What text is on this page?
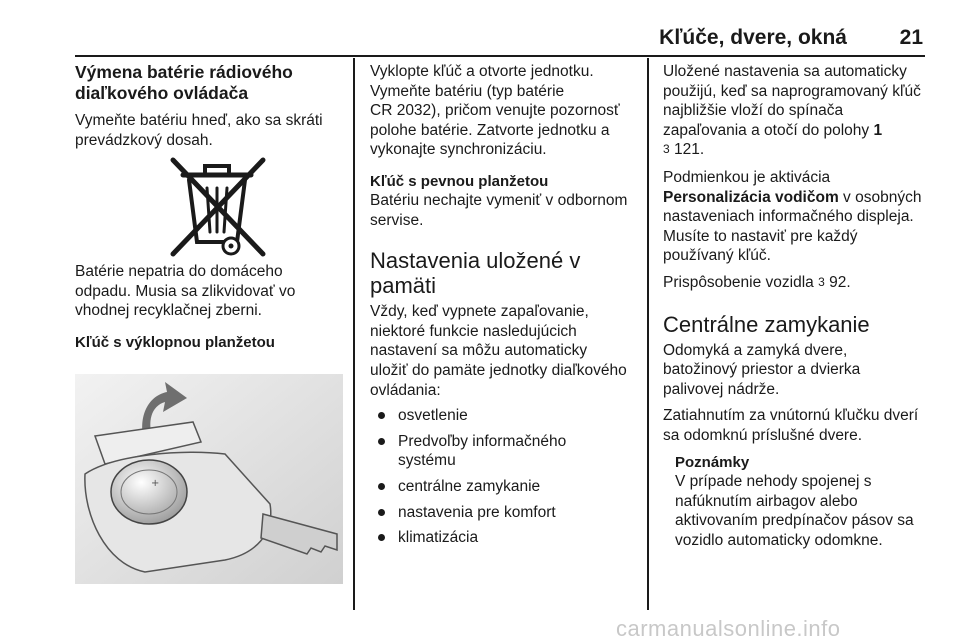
Kľúče, dvere, okná	21

Výmena batérie rádiového diaľkového ovládača

Vymeňte batériu hneď, ako sa skráti prevádzkový dosah.

Batérie nepatria do domáceho

odpadu. Musia sa zlikvidovať vo

vhodnej recyklačnej zberni.

Kľúč s výklopnou planžetou

+

Vyklopte kľúč a otvorte jednotku.

Vymeňte batériu (typ batérie

CR 2032), pričom venujte pozornosť

polohe batérie. Zatvorte jednotku a

vykonajte synchronizáciu.

Kľúč s pevnou planžetou

Batériu nechajte vymeniť v odbornom

servise.

Nastavenia uložené v

pamäti

Vždy, keď vypnete zapaľovanie,

niektoré funkcie nasledujúcich

nastavení sa môžu automaticky

uložiť do pamäte jednotky diaľkového

ovládania:

osvetlenie
Predvoľby informačného
systému
centrálne zamykanie
nastavenia pre komfort
klimatizácia

Uložené nastavenia sa automaticky

použijú, keď sa naprogramovaný kľúč

najbližšie vloží do spínača

zapaľovania a otočí do polohy 1

3 121.

Podmienkou je aktivácia

Personalizácia vodičom v osobných

nastaveniach informačného displeja.

Musíte to nastaviť pre každý

používaný kľúč.

Prispôsobenie vozidla 3 92.

Centrálne zamykanie

Odomyká a zamyká dvere,

batožinový priestor a dvierka

palivovej nádrže.

Zatiahnutím za vnútornú kľučku dverí

sa odomknú príslušné dvere.

Poznámky

V prípade nehody spojenej s

nafúknutím airbagov alebo

aktivovaním predpínačov pásov sa

vozidlo automaticky odomkne.

carmanualsonline.info
